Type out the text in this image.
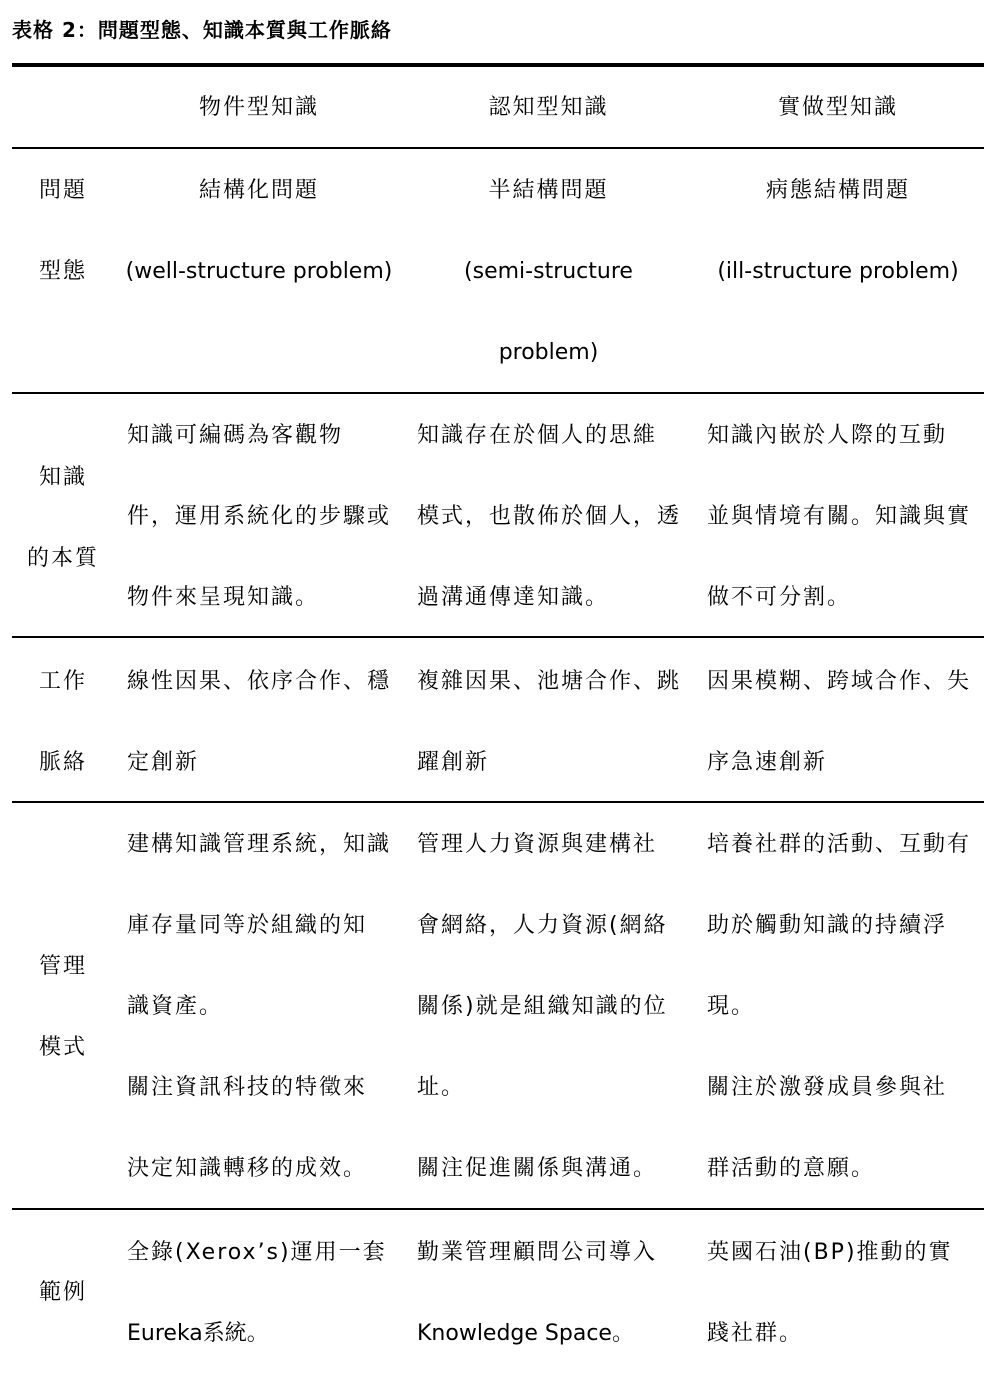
表格 2：問題型態、知識本質與工作脈絡
物件型知識	認知型知識	實做型知識
問題
型態
結構化問題
(well-structure problem)
半結構問題
(semi-structure
problem)
病態結構問題
(ill-structure problem)
知識
的本質
知識可編碼為客觀物
件，運用系統化的步驟或
物件來呈現知識。
知識存在於個人的思維
模式，也散佈於個人，透
過溝通傳達知識。
知識內嵌於人際的互動
並與情境有關。知識與實
做不可分割。
工作
脈絡
線性因果、依序合作、穩
定創新
複雜因果、池塘合作、跳
躍創新
因果模糊、跨域合作、失
序急速創新
管理
模式
建構知識管理系統，知識
庫存量同等於組織的知
識資產。
關注資訊科技的特徵來
決定知識轉移的成效。
管理人力資源與建構社
會網絡，人力資源(網絡
關係)就是組織知識的位
址。
關注促進關係與溝通。
培養社群的活動、互動有
助於觸動知識的持續浮
現。
關注於激發成員參與社
群活動的意願。
範例
全錄(Xerox’s)運用一套
Eureka系統。
勤業管理顧問公司導入
Knowledge Space。
英國石油(BP)推動的實
踐社群。
